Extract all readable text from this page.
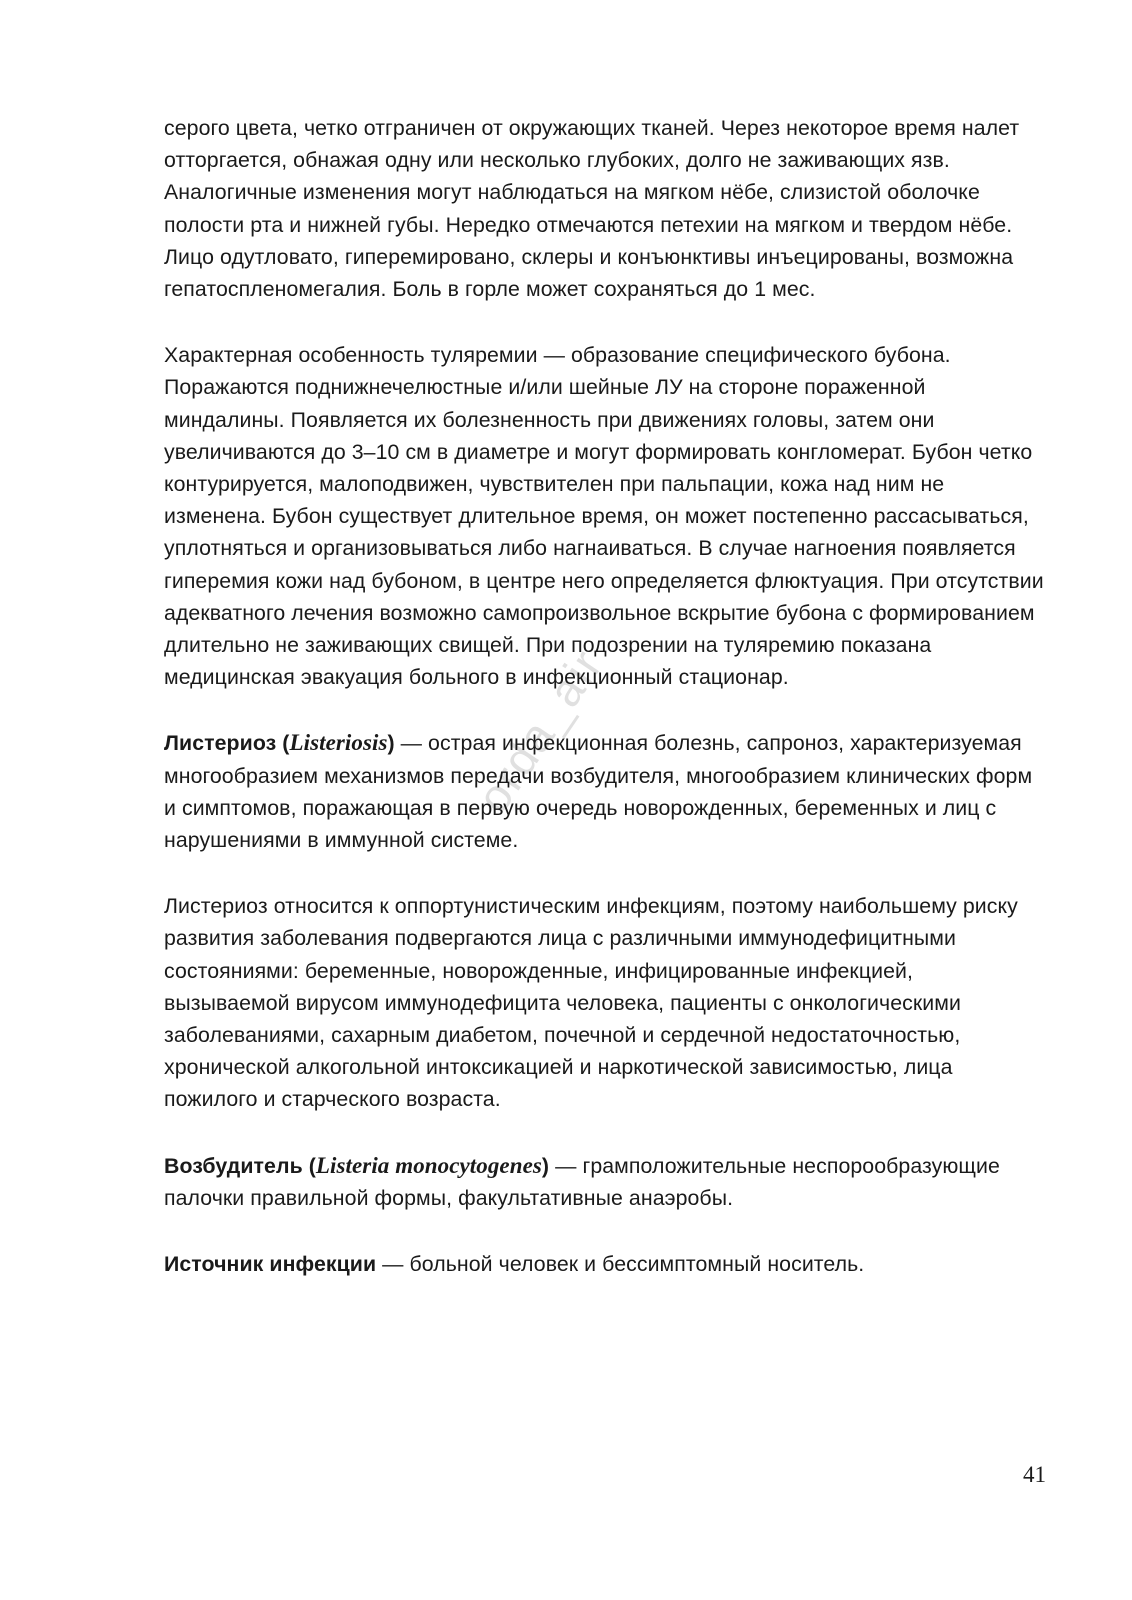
orda_air

серого цвета, четко отграничен от окружающих тканей. Через некоторое время налет отторгается, обнажая одну или несколько глубоких, долго не заживающих язв. Аналогичные изменения могут наблюдаться на мягком нёбе, слизистой оболочке полости рта и нижней губы. Нередко отмечаются петехии на мягком и твердом нёбе. Лицо одутловато, гиперемировано, склеры и конъюнктивы инъецированы, возможна гепатоспленомегалия. Боль в горле может сохраняться до 1 мес.

Характерная особенность туляремии — образование специфического бубона. Поражаются поднижнечелюстные и/или шейные ЛУ на стороне пораженной миндалины. Появляется их болезненность при движениях головы, затем они увеличиваются до 3–10 см в диаметре и могут формировать конгломерат. Бубон четко контурируется, малоподвижен, чувствителен при пальпации, кожа над ним не изменена. Бубон существует длительное время, он может постепенно рассасываться, уплотняться и организовываться либо нагнаиваться. В случае нагноения появляется гиперемия кожи над бубоном, в центре него определяется флюктуация. При отсутствии адекватного лечения возможно самопроизвольное вскрытие бубона с формированием длительно не заживающих свищей. При подозрении на туляремию показана медицинская эвакуация больного в инфекционный стационар.

Листериоз (Listeriosis) — острая инфекционная болезнь, сапроноз, характеризуемая многообразием механизмов передачи возбудителя, многообразием клинических форм и симптомов, поражающая в первую очередь новорожденных, беременных и лиц с нарушениями в иммунной системе.

Листериоз относится к оппортунистическим инфекциям, поэтому наибольшему риску развития заболевания подвергаются лица с различными иммунодефицитными состояниями: беременные, новорожденные, инфицированные инфекцией, вызываемой вирусом иммунодефицита человека, пациенты с онкологическими заболеваниями, сахарным диабетом, почечной и сердечной недостаточностью, хронической алкогольной интоксикацией и наркотической зависимостью, лица пожилого и старческого возраста.

Возбудитель (Listeria monocytogenes) — грамположительные неспорообразующие палочки правильной формы, факультативные анаэробы.

Источник инфекции — больной человек и бессимптомный носитель.

41
